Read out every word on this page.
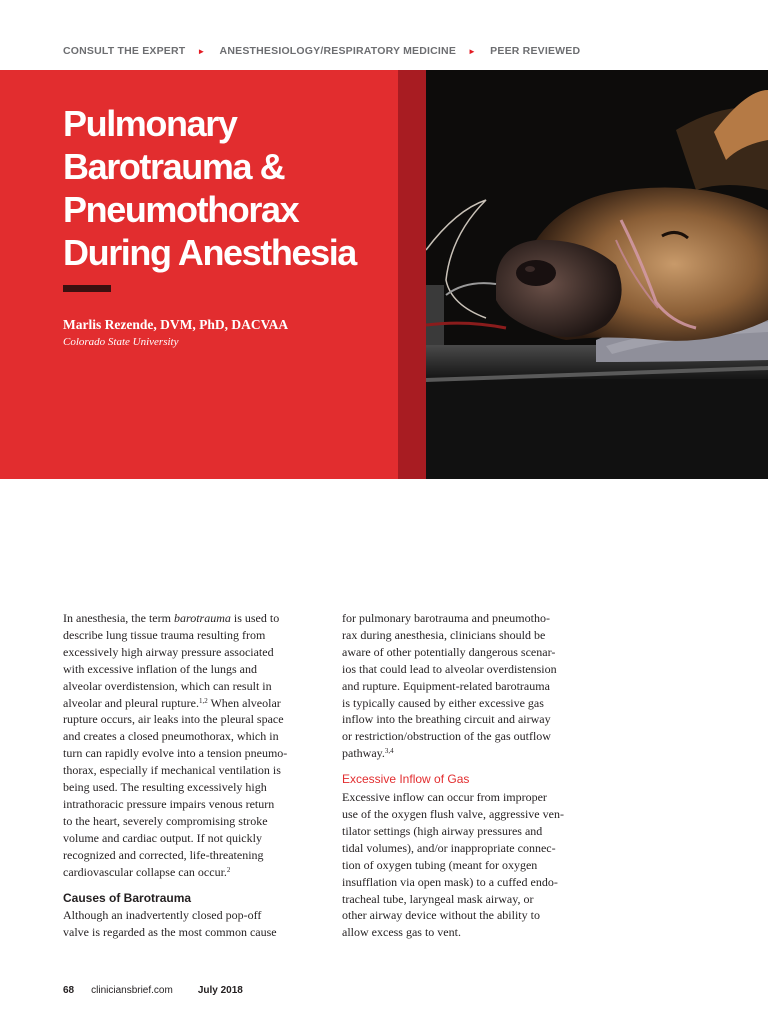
CONSULT THE EXPERT ► ANESTHESIOLOGY/RESPIRATORY MEDICINE ► PEER REVIEWED
Pulmonary
Barotrauma &
Pneumothorax
During Anesthesia
Marlis Rezende, DVM, PhD, DACVAA
Colorado State University

In anesthesia, the term barotrauma is used to

describe lung tissue trauma resulting from

excessively high airway pressure associated

with excessive inflation of the lungs and

alveolar overdistension, which can result in

alveolar and pleural rupture.$^{1,2}$ When alveolar

rupture occurs, air leaks into the pleural space

and creates a closed pneumothorax, which in

turn can rapidly evolve into a tension pneumo-

thorax, especially if mechanical ventilation is

being used. The resulting excessively high

intrathoracic pressure impairs venous return

to the heart, severely compromising stroke

volume and cardiac output. If not quickly

recognized and corrected, life-threatening

cardiovascular collapse can occur.$^2$

Causes of Barotrauma

Although an inadvertently closed pop-off

valve is regarded as the most common cause

for pulmonary barotrauma and pneumotho-

rax during anesthesia, clinicians should be

aware of other potentially dangerous scenar-

ios that could lead to alveolar overdistension

and rupture. Equipment-related barotrauma

is typically caused by either excessive gas

inflow into the breathing circuit and airway

or restriction/obstruction of the gas outflow

pathway.$^{3,4}$

Excessive Inflow of Gas

Excessive inflow can occur from improper

use of the oxygen flush valve, aggressive ven-

tilator settings (high airway pressures and

tidal volumes), and/or inappropriate connec-

tion of oxygen tubing (meant for oxygen

insufflation via open mask) to a cuffed endo-

tracheal tube, laryngeal mask airway, or

other airway device without the ability to

allow excess gas to vent.

68 cliniciansbrief.com	July 2018
